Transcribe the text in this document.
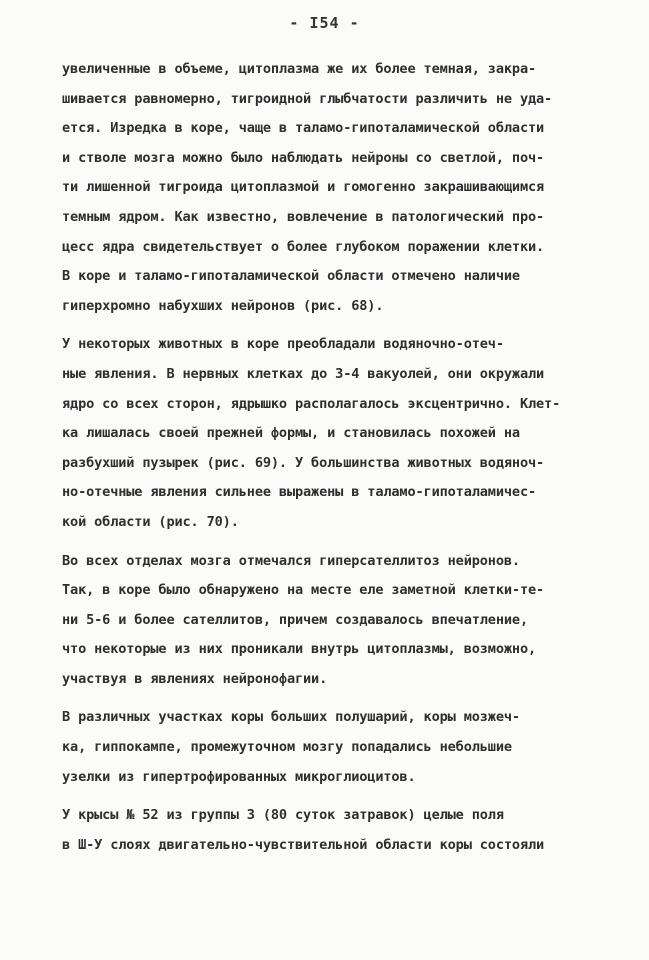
- I54 -
увеличенные в объеме, цитоплазма же их более темная, закра-
шивается равномерно, тигроидной глыбчатости различить не уда-
ется. Изредка в коре, чаще в таламо-гипоталамической области
и стволе мозга можно было наблюдать нейроны со светлой, поч-
ти лишенной тигроида цитоплазмой и гомогенно закрашивающимся
темным ядром. Как известно, вовлечение в патологический про-
цесс ядра свидетельствует о более глубоком поражении клетки.
В коре и таламо-гипоталамической области отмечено наличие
гиперхромно набухших нейронов (рис. 68).
У некоторых животных в коре преобладали водяночно-отеч-
ные явления. В нервных клетках до 3-4 вакуолей, они окружали
ядро со всех сторон, ядрышко располагалось эксцентрично. Клет-
ка лишалась своей прежней формы, и становилась похожей на
разбухший пузырек (рис. 69). У большинства животных водяноч-
но-отечные явления сильнее выражены в таламо-гипоталамичес-
кой области (рис. 70).
Во всех отделах мозга отмечался гиперсателлитоз нейронов.
Так, в коре было обнаружено на месте еле заметной клетки-те-
ни 5-6 и более сателлитов, причем создавалось впечатление,
что некоторые из них проникали внутрь цитоплазмы, возможно,
участвуя в явлениях нейронофагии.
В различных участках коры больших полушарий, коры мозжеч-
ка, гиппокампе, промежуточном мозгу попадались небольшие
узелки из гипертрофированных микроглиоцитов.
У крысы № 52 из группы 3 (80 суток затравок) целые поля
в Ш-У слоях двигательно-чувствительной области коры состояли
